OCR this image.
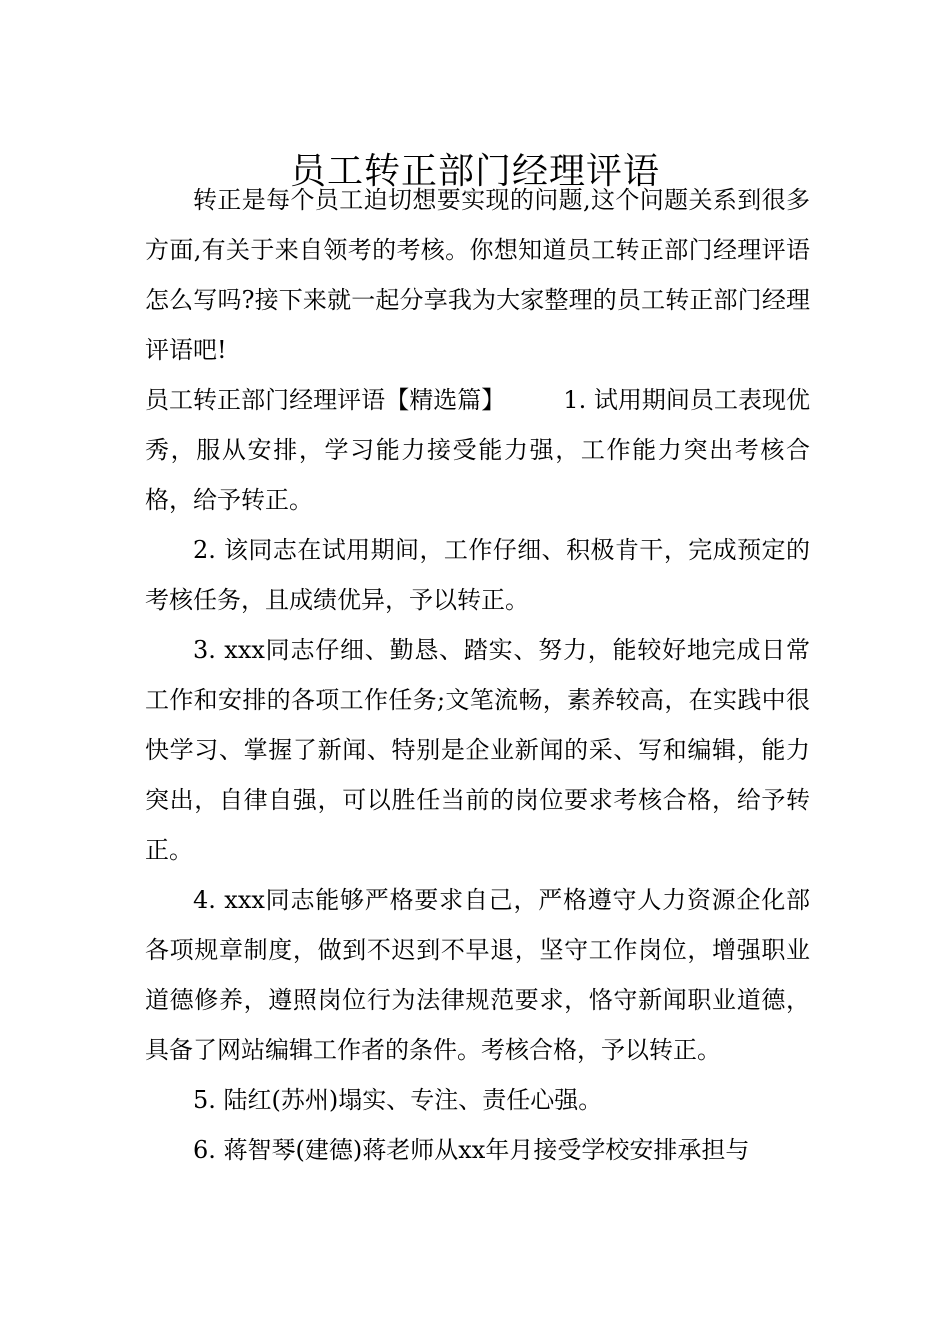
员工转正部门经理评语

转正是每个员工迫切想要实现的问题,这个问题关系到很多方面,有关于来自领考的考核。你想知道员工转正部门经理评语怎么写吗?接下来就一起分享我为大家整理的员工转正部门经理评语吧!

员工转正部门经理评语【精选篇】 1. 试用期间员工表现优秀，服从安排，学习能力接受能力强，工作能力突出考核合格，给予转正。

2. 该同志在试用期间，工作仔细、积极肯干，完成预定的考核任务，且成绩优异，予以转正。

3. xxx同志仔细、勤恳、踏实、努力，能较好地完成日常工作和安排的各项工作任务;文笔流畅，素养较高，在实践中很快学习、掌握了新闻、特别是企业新闻的采、写和编辑，能力突出，自律自强，可以胜任当前的岗位要求考核合格，给予转正。

4. xxx同志能够严格要求自己，严格遵守人力资源企化部各项规章制度，做到不迟到不早退，坚守工作岗位，增强职业道德修养，遵照岗位行为法律规范要求，恪守新闻职业道德，具备了网站编辑工作者的条件。考核合格，予以转正。

5. 陆红(苏州)塌实、专注、责任心强。

6. 蒋智琴(建德)蒋老师从xx年月接受学校安排承担与
